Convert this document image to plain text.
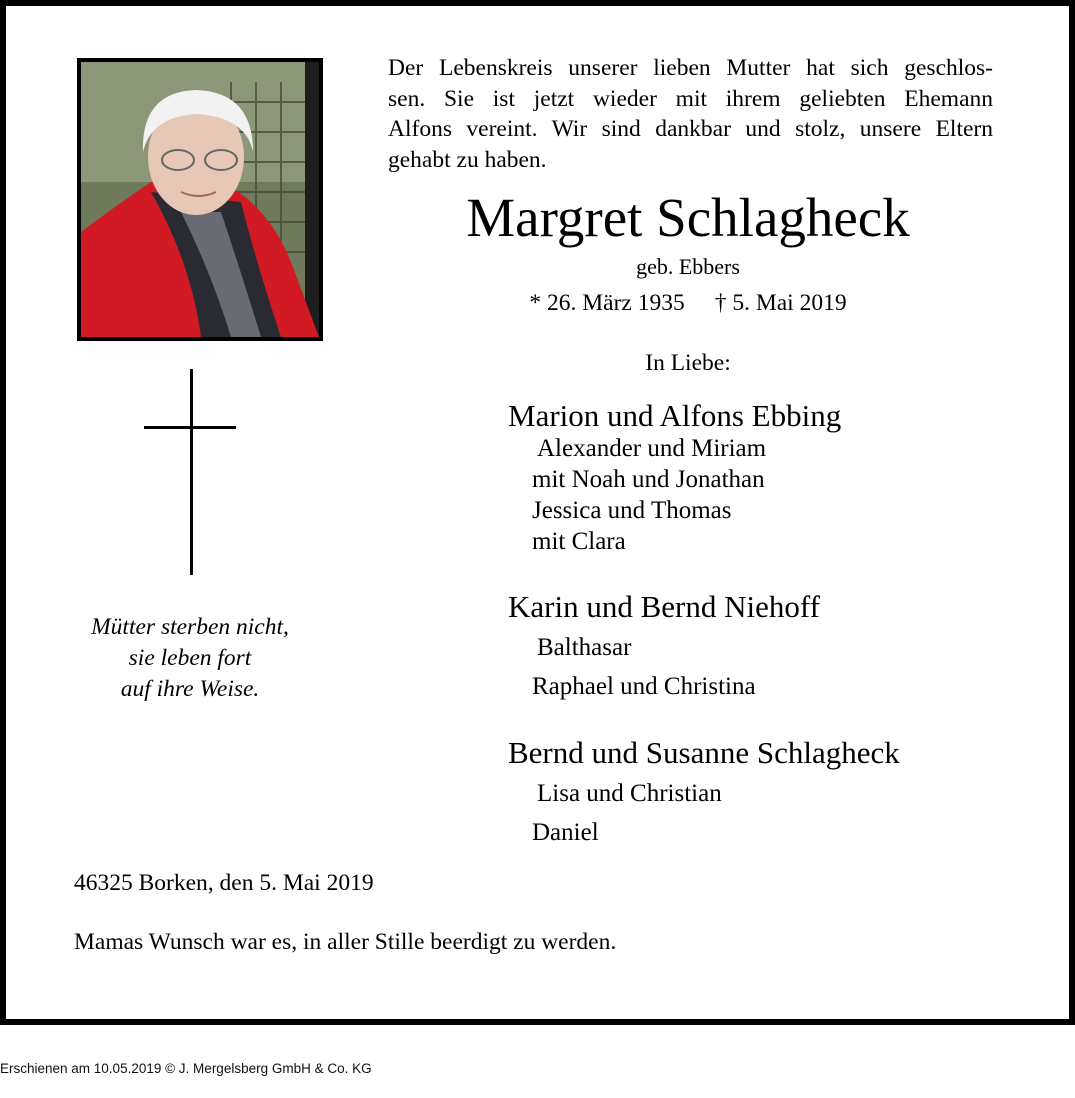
Der Lebenskreis unserer lieben Mutter hat sich geschlos-
sen. Sie ist jetzt wieder mit ihrem geliebten Ehemann
Alfons vereint. Wir sind dankbar und stolz, unsere Eltern
gehabt zu haben.
Margret Schlagheck
geb. Ebbers
* 26. März 1935 † 5. Mai 2019
In Liebe:
Marion und Alfons Ebbing
Alexander und Miriam
mit Noah und Jonathan
Jessica und Thomas
mit Clara
Karin und Bernd Niehoff
Balthasar
Raphael und Christina
Bernd und Susanne Schlagheck
Lisa und Christian
Daniel
Mütter sterben nicht,
sie leben fort
auf ihre Weise.
46325 Borken, den 5. Mai 2019
Mamas Wunsch war es, in aller Stille beerdigt zu werden.
Erschienen am 10.05.2019 © J. Mergelsberg GmbH & Co. KG
